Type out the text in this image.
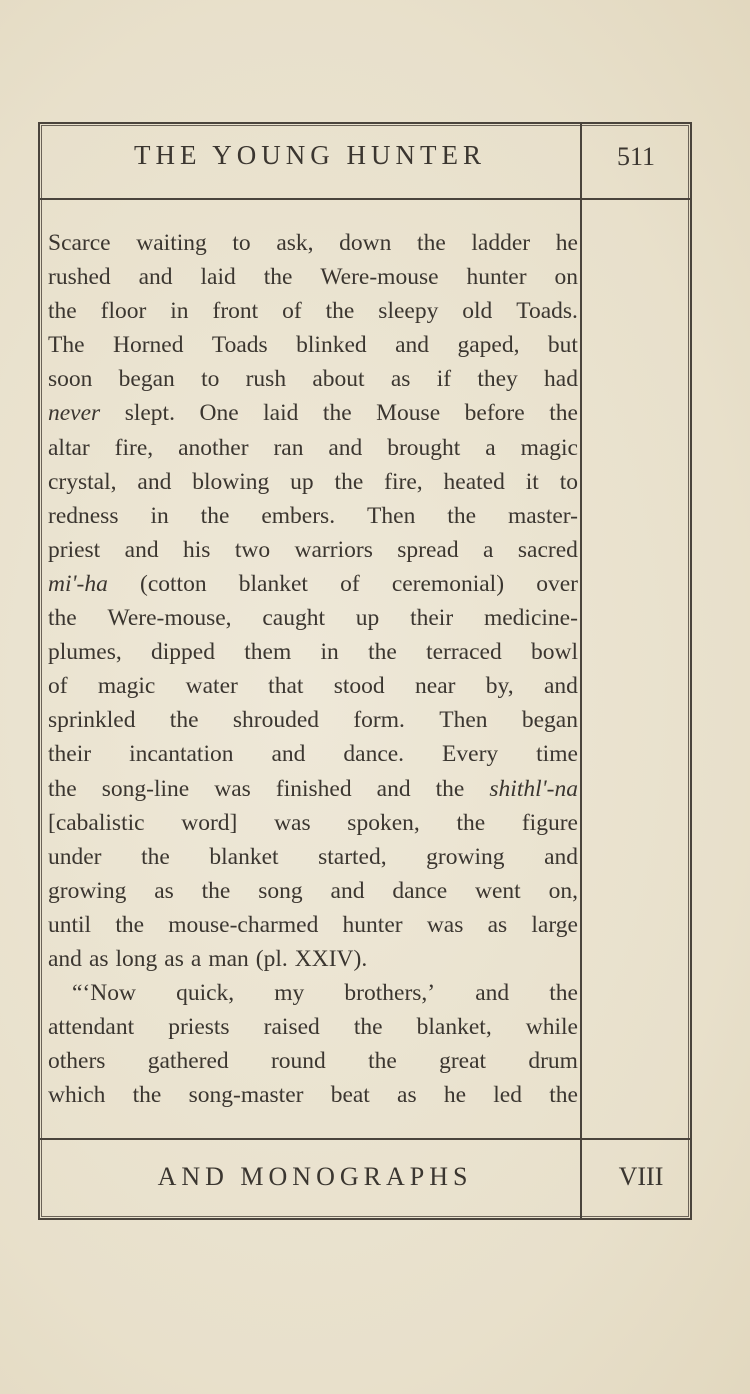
THE YOUNG HUNTER	511
Scarce waiting to ask, down the ladder he
rushed and laid the Were-mouse hunter on
the floor in front of the sleepy old Toads.
The Horned Toads blinked and gaped, but
soon began to rush about as if they had
never slept. One laid the Mouse before the
altar fire, another ran and brought a magic
crystal, and blowing up the fire, heated it to
redness in the embers. Then the master-
priest and his two warriors spread a sacred
mi'-ha (cotton blanket of ceremonial) over
the Were-mouse, caught up their medicine-
plumes, dipped them in the terraced bowl
of magic water that stood near by, and
sprinkled the shrouded form. Then began
their incantation and dance. Every time
the song-line was finished and the shithl'-na
[cabalistic word] was spoken, the figure
under the blanket started, growing and
growing as the song and dance went on,
until the mouse-charmed hunter was as large
and as long as a man (pl. XXIV).
“‘Now quick, my brothers,’ and the
attendant priests raised the blanket, while
others gathered round the great drum
which the song-master beat as he led the
AND MONOGRAPHS	VIII
